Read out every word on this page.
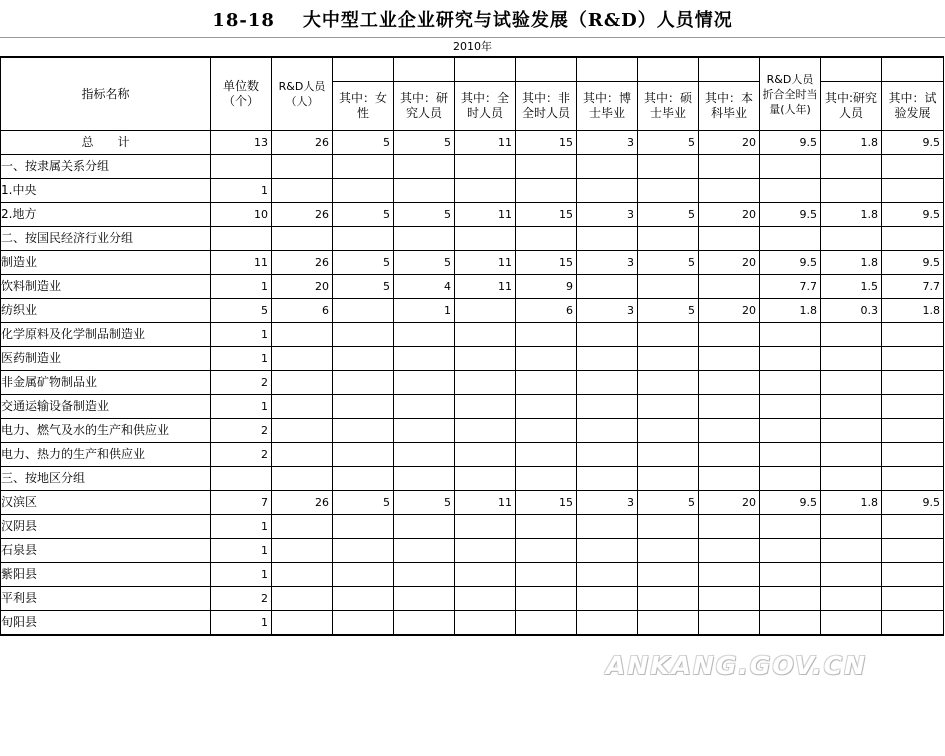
18-18 大中型工业企业研究与试验发展（R&D）人员情况
2010年
指标名称	单位数（个）	R&D人员（人）	其中：女性	其中：研究人员	其中：全时人员	其中：非全时人员	其中：博士毕业	其中：硕士毕业	其中：本科毕业	R&D人员折合全时当量(人年)	其中:研究人员	其中：试验发展

总　　计	13	26	5	5	11	15	3	5	20	9.5	1.8	9.5
一、按隶属关系分组												
1.中央	1											
2.地方	10	26	5	5	11	15	3	5	20	9.5	1.8	9.5
二、按国民经济行业分组												
制造业	11	26	5	5	11	15	3	5	20	9.5	1.8	9.5
饮料制造业	1	20	5	4	11	9				7.7	1.5	7.7
纺织业	5	6		1		6	3	5	20	1.8	0.3	1.8
化学原料及化学制品制造业	1											
医药制造业	1											
非金属矿物制品业	2											
交通运输设备制造业	1											
电力、燃气及水的生产和供应业	2											
电力、热力的生产和供应业	2											
三、按地区分组												
汉滨区	7	26	5	5	11	15	3	5	20	9.5	1.8	9.5
汉阴县	1											
石泉县	1											
紫阳县	1											
平利县	2											
旬阳县	1											
ANKANG.GOV.CN
